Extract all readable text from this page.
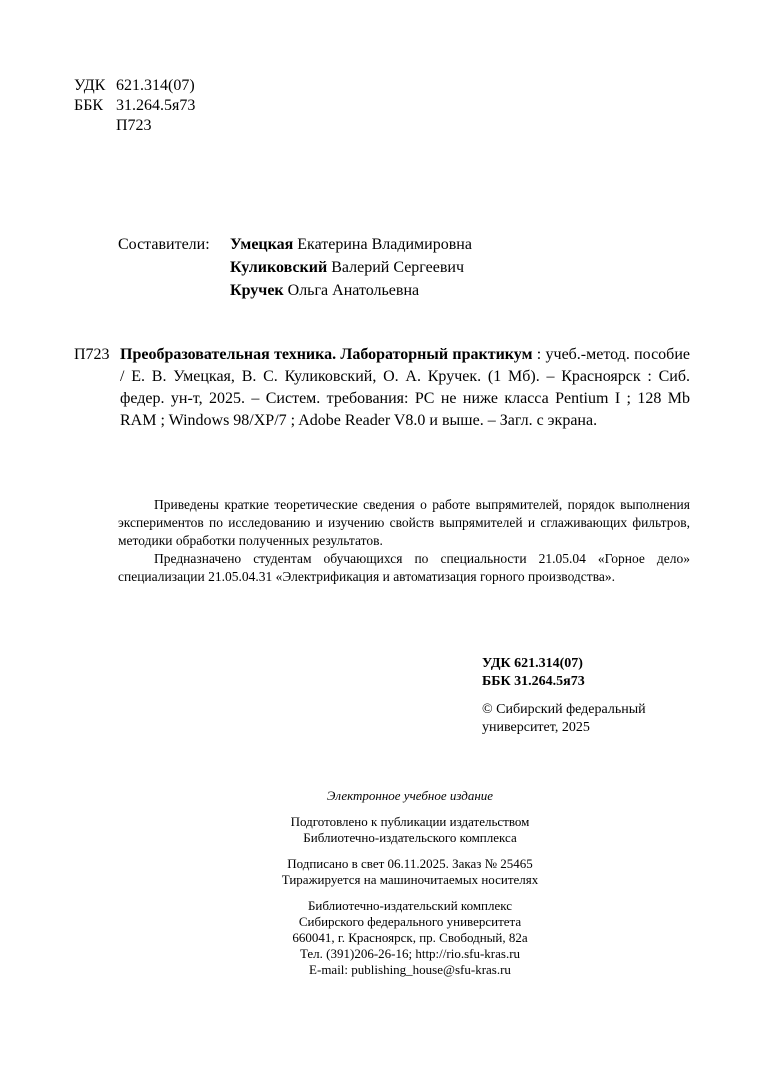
УДК 621.314(07)
ББК 31.264.5я73
П723
Составители:	Умецкая Екатерина Владимировна
Куликовский Валерий Сергеевич
Кручек Ольга Анатольевна
П723 Преобразовательная техника. Лабораторный практикум : учеб.-метод. пособие / Е. В. Умецкая, В. С. Куликовский, О. А. Кручек. (1 Мб). – Красноярск : Сиб. федер. ун-т, 2025. – Систем. требования: PC не ниже класса Pentium I ; 128 Mb RAM ; Windows 98/XP/7 ; Adobe Reader V8.0 и выше. – Загл. с экрана.

Приведены краткие теоретические сведения о работе выпрямителей, порядок выполнения экспериментов по исследованию и изучению свойств выпрямителей и сглаживающих фильтров, методики обработки полученных результатов.

Предназначено студентам обучающихся по специальности 21.05.04 «Горное дело» специализации 21.05.04.31 «Электрификация и автоматизация горного производства».

УДК 621.314(07)
ББК 31.264.5я73
© Сибирский федеральный
университет, 2025
Электронное учебное издание
Подготовлено к публикации издательством
Библиотечно-издательского комплекса
Подписано в свет 06.11.2025. Заказ № 25465
Тиражируется на машиночитаемых носителях
Библиотечно-издательский комплекс
Сибирского федерального университета
660041, г. Красноярск, пр. Свободный, 82а
Тел. (391)206-26-16; http://rio.sfu-kras.ru
E-mail: publishing_house@sfu-kras.ru
